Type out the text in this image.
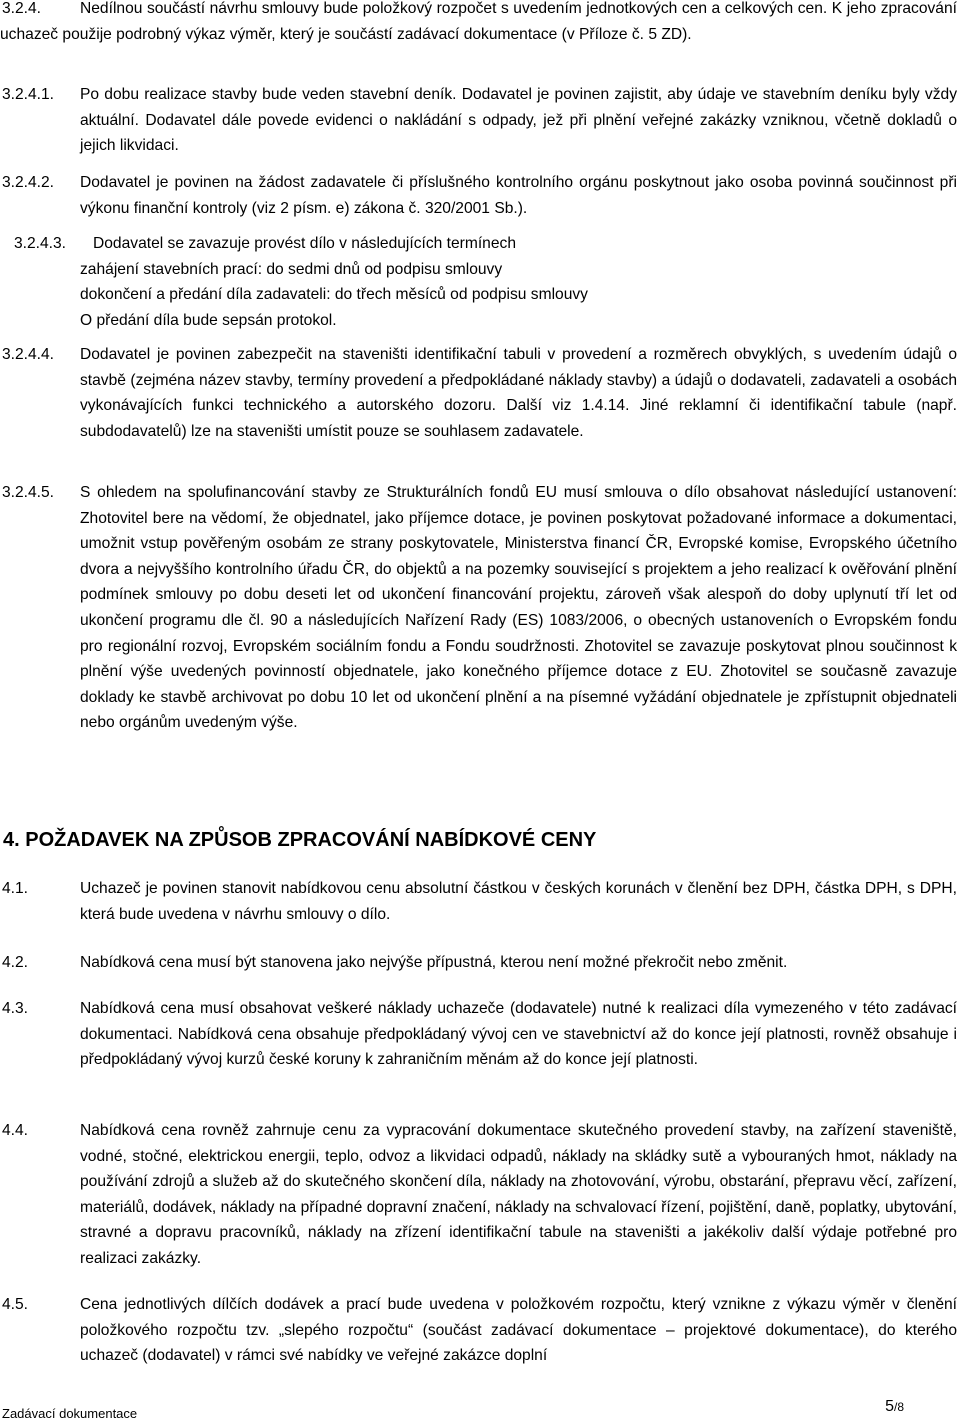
3.2.4.	Nedílnou součástí návrhu smlouvy bude položkový rozpočet s uvedením jednotkových cen a celkových cen. K jeho zpracování uchazeč použije podrobný výkaz výměr, který je součástí zadávací dokumentace (v Příloze č. 5 ZD).
3.2.4.1. Po dobu realizace stavby bude veden stavební deník. Dodavatel je povinen zajistit, aby údaje ve stavebním deníku byly vždy aktuální. Dodavatel dále povede evidenci o nakládání s odpady, jež při plnění veřejné zakázky vzniknou, včetně dokladů o jejich likvidaci.
3.2.4.2. Dodavatel je povinen na žádost zadavatele či příslušného kontrolního orgánu poskytnout jako osoba povinná součinnost při výkonu finanční kontroly (viz 2 písm. e) zákona č. 320/2001 Sb.).
3.2.4.3. Dodavatel se zavazuje provést dílo v následujících termínech
zahájení stavebních prací: do sedmi dnů od podpisu smlouvy
dokončení a předání díla zadavateli: do třech měsíců od podpisu smlouvy
O předání díla bude sepsán protokol.
3.2.4.4. Dodavatel je povinen zabezpečit na staveništi identifikační tabuli v provedení a rozměrech obvyklých, s uvedením údajů o stavbě (zejména název stavby, termíny provedení a předpokládané náklady stavby) a údajů o dodavateli, zadavateli a osobách vykonávajících funkci technického a autorského dozoru. Další viz 1.4.14. Jiné reklamní či identifikační tabule (např. subdodavatelů) lze na staveništi umístit pouze se souhlasem zadavatele.
3.2.4.5. S ohledem na spolufinancování stavby ze Strukturálních fondů EU musí smlouva o dílo obsahovat následující ustanovení: Zhotovitel bere na vědomí, že objednatel, jako příjemce dotace, je povinen poskytovat požadované informace a dokumentaci, umožnit vstup pověřeným osobám ze strany poskytovatele, Ministerstva financí ČR, Evropské komise, Evropského účetního dvora a nejvyššího kontrolního úřadu ČR, do objektů a na pozemky související s projektem a jeho realizací k ověřování plnění podmínek smlouvy po dobu deseti let od ukončení financování projektu, zároveň však alespoň do doby uplynutí tří let od ukončení programu dle čl. 90 a následujících Nařízení Rady (ES) 1083/2006, o obecných ustanoveních o Evropském fondu pro regionální rozvoj, Evropském sociálním fondu a Fondu soudržnosti. Zhotovitel se zavazuje poskytovat plnou součinnost k plnění výše uvedených povinností objednatele, jako konečného příjemce dotace z EU. Zhotovitel se současně zavazuje doklady ke stavbě archivovat po dobu 10 let od ukončení plnění a na písemné vyžádání objednatele je zpřístupnit objednateli nebo orgánům uvedeným výše.
4. POŽADAVEK NA ZPŮSOB ZPRACOVÁNÍ NABÍDKOVÉ CENY
4.1.	Uchazeč je povinen stanovit nabídkovou cenu absolutní částkou v českých korunách v členění bez DPH, částka DPH, s DPH, která bude uvedena v návrhu smlouvy o dílo.
4.2.	Nabídková cena musí být stanovena jako nejvýše přípustná, kterou není možné překročit nebo změnit.
4.3.	Nabídková cena musí obsahovat veškeré náklady uchazeče (dodavatele) nutné k realizaci díla vymezeného v této zadávací dokumentaci. Nabídková cena obsahuje předpokládaný vývoj cen ve stavebnictví až do konce její platnosti, rovněž obsahuje i předpokládaný vývoj kurzů české koruny k zahraničním měnám až do konce její platnosti.
4.4.	Nabídková cena rovněž zahrnuje cenu za vypracování dokumentace skutečného provedení stavby, na zařízení staveniště, vodné, stočné, elektrickou energii, teplo, odvoz a likvidaci odpadů, náklady na skládky sutě a vybouraných hmot, náklady na používání zdrojů a služeb až do skutečného skončení díla, náklady na zhotovování, výrobu, obstarání, přepravu věcí, zařízení, materiálů, dodávek, náklady na případné dopravní značení, náklady na schvalovací řízení, pojištění, daně, poplatky, ubytování, stravné a dopravu pracovníků, náklady na zřízení identifikační tabule na staveništi a jakékoliv další výdaje potřebné pro realizaci zakázky.
4.5.	Cena jednotlivých dílčích dodávek a prací bude uvedena v položkovém rozpočtu, který vznikne z výkazu výměr v členění položkového rozpočtu tzv. „slepého rozpočtu“ (součást zadávací dokumentace – projektové dokumentace), do kterého uchazeč (dodavatel) v rámci své nabídky ve veřejné zakázce doplní
Zadávací dokumentace	5/8
